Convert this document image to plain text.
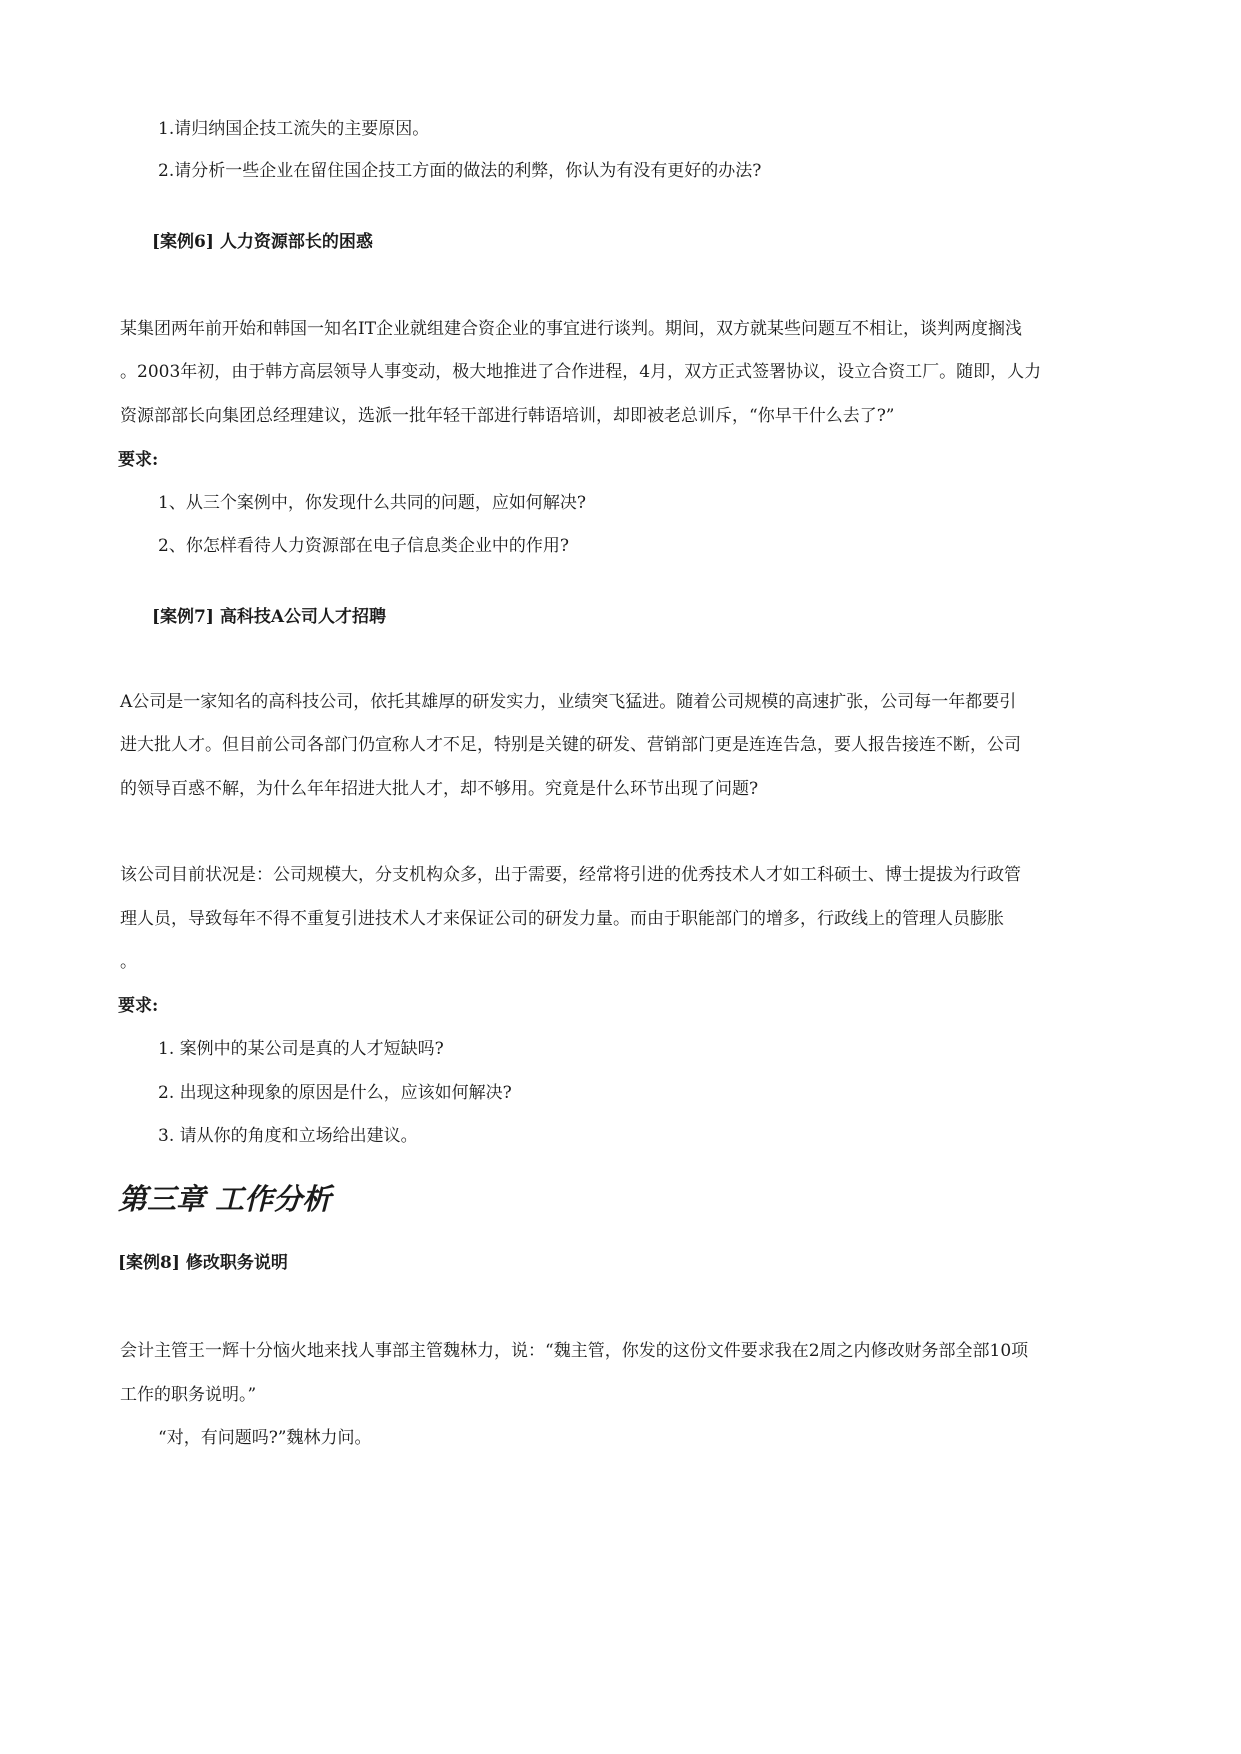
1.请归纳国企技工流失的主要原因。
2.请分析一些企业在留住国企技工方面的做法的利弊，你认为有没有更好的办法?
[案例6] 人力资源部长的困惑
某集团两年前开始和韩国一知名IT企业就组建合资企业的事宜进行谈判。期间，双方就某些问题互不相让，谈判两度搁浅
。2003年初，由于韩方高层领导人事变动，极大地推进了合作进程，4月，双方正式签署协议，设立合资工厂。随即，人力
资源部部长向集团总经理建议，选派一批年轻干部进行韩语培训，却即被老总训斥，“你早干什么去了?”
要求:
1、从三个案例中，你发现什么共同的问题，应如何解决?
2、你怎样看待人力资源部在电子信息类企业中的作用?
[案例7] 高科技A公司人才招聘
A公司是一家知名的高科技公司，依托其雄厚的研发实力，业绩突飞猛进。随着公司规模的高速扩张，公司每一年都要引
进大批人才。但目前公司各部门仍宣称人才不足，特别是关键的研发、营销部门更是连连告急，要人报告接连不断，公司
的领导百惑不解，为什么年年招进大批人才，却不够用。究竟是什么环节出现了问题?
该公司目前状况是：公司规模大，分支机构众多，出于需要，经常将引进的优秀技术人才如工科硕士、博士提拔为行政管
理人员，导致每年不得不重复引进技术人才来保证公司的研发力量。而由于职能部门的增多，行政线上的管理人员膨胀
。
要求:
1. 案例中的某公司是真的人才短缺吗?
2. 出现这种现象的原因是什么，应该如何解决?
3. 请从你的角度和立场给出建议。
第三章 工作分析
[案例8] 修改职务说明
会计主管王一辉十分恼火地来找人事部主管魏林力，说：“魏主管，你发的这份文件要求我在2周之内修改财务部全部10项
工作的职务说明。”
“对，有问题吗?”魏林力问。
